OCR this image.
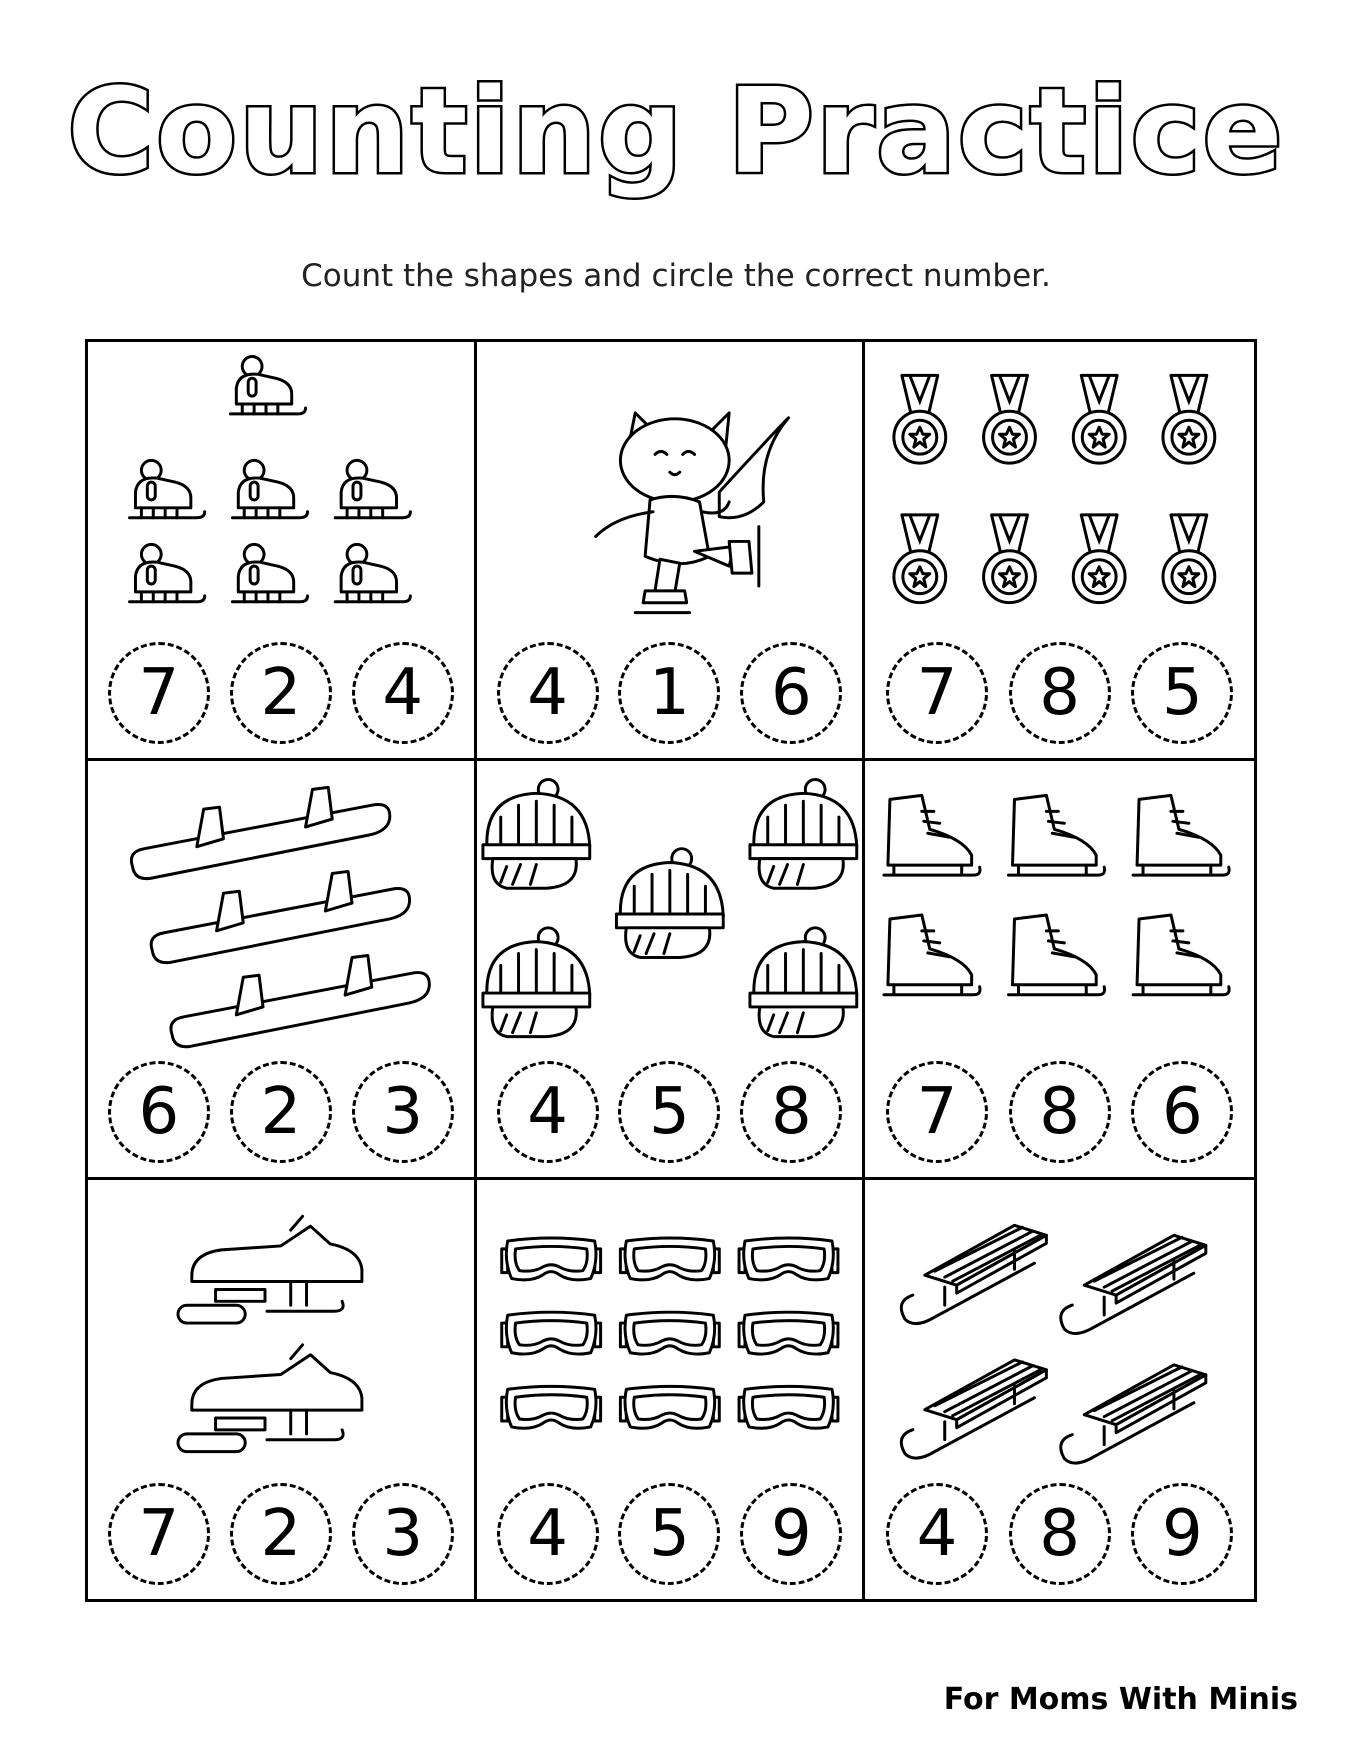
Counting Practice
Count the shapes and circle the correct number.
7	2	4	4	1	6	7	8	5
6	2	3	4	5	8	7	8	6
7	2	3	4	5	9	4	8	9
For Moms With Minis
